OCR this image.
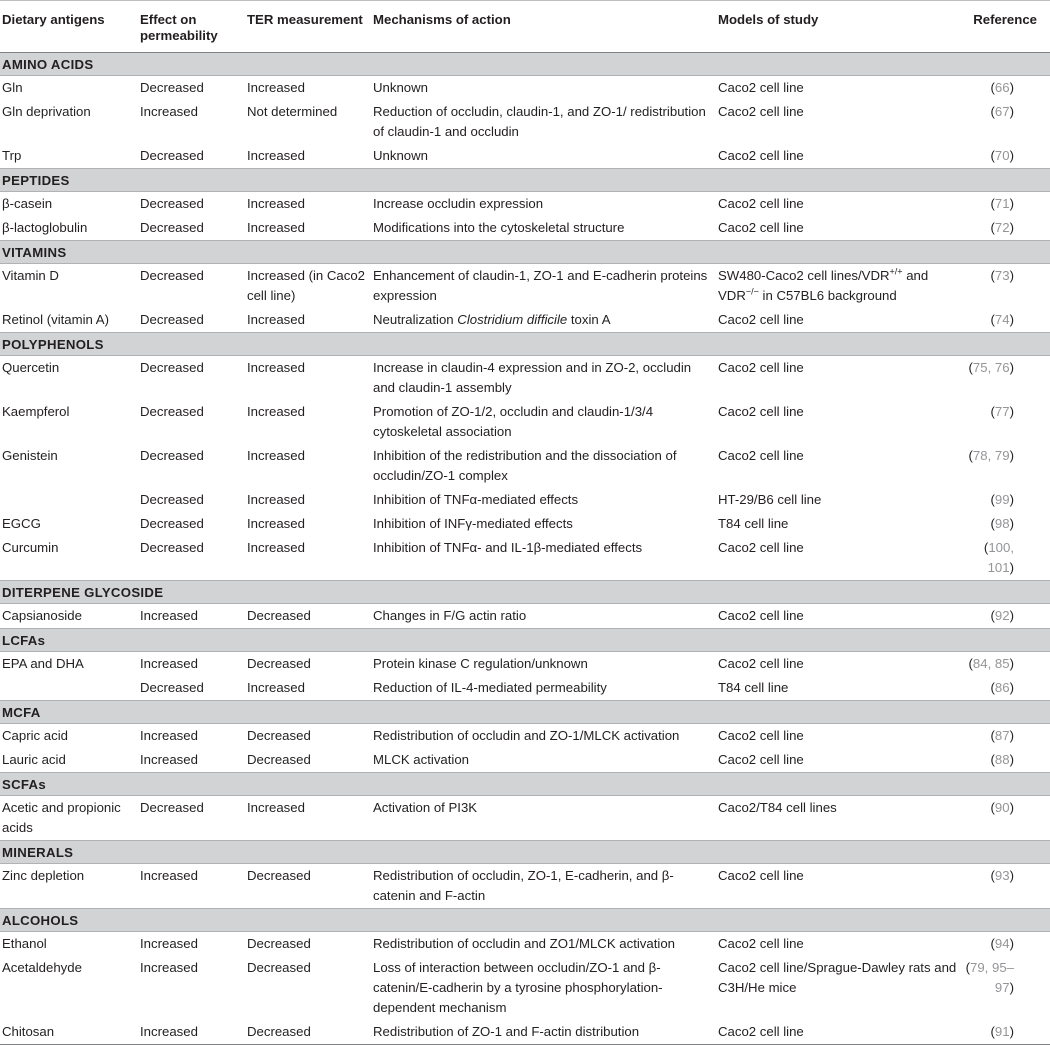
Dietary antigens	Effect on permeability	TER measurement	Mechanisms of action	Models of study	Reference
AMINO ACIDS					
Gln	Decreased	Increased	Unknown	Caco2 cell line	(66)
Gln deprivation	Increased	Not determined	Reduction of occludin, claudin-1, and ZO-1/ redistribution of claudin-1 and occludin	Caco2 cell line	(67)
Trp	Decreased	Increased	Unknown	Caco2 cell line	(70)
PEPTIDES					
β-casein	Decreased	Increased	Increase occludin expression	Caco2 cell line	(71)
β-lactoglobulin	Decreased	Increased	Modifications into the cytoskeletal structure	Caco2 cell line	(72)
VITAMINS					
Vitamin D	Decreased	Increased (in Caco2 cell line)	Enhancement of claudin-1, ZO-1 and E-cadherin proteins expression	SW480-Caco2 cell lines/VDR+/+ and VDR−/− in C57BL6 background	(73)
Retinol (vitamin A)	Decreased	Increased	Neutralization Clostridium difficile toxin A	Caco2 cell line	(74)
POLYPHENOLS					
Quercetin	Decreased	Increased	Increase in claudin-4 expression and in ZO-2, occludin and claudin-1 assembly	Caco2 cell line	(75, 76)
Kaempferol	Decreased	Increased	Promotion of ZO-1/2, occludin and claudin-1/3/4 cytoskeletal association	Caco2 cell line	(77)
Genistein	Decreased	Increased	Inhibition of the redistribution and the dissociation of occludin/ZO-1 complex	Caco2 cell line	(78, 79)
	Decreased	Increased	Inhibition of TNFα-mediated effects	HT-29/B6 cell line	(99)
EGCG	Decreased	Increased	Inhibition of INFγ-mediated effects	T84 cell line	(98)
Curcumin	Decreased	Increased	Inhibition of TNFα- and IL-1β-mediated effects	Caco2 cell line	(100, 101)
DITERPENE GLYCOSIDE					
Capsianoside	Increased	Decreased	Changes in F/G actin ratio	Caco2 cell line	(92)
LCFAs					
EPA and DHA	Increased	Decreased	Protein kinase C regulation/unknown	Caco2 cell line	(84, 85)
	Decreased	Increased	Reduction of IL-4-mediated permeability	T84 cell line	(86)
MCFA					
Capric acid	Increased	Decreased	Redistribution of occludin and ZO-1/MLCK activation	Caco2 cell line	(87)
Lauric acid	Increased	Decreased	MLCK activation	Caco2 cell line	(88)
SCFAs					
Acetic and propionic acids	Decreased	Increased	Activation of PI3K	Caco2/T84 cell lines	(90)
MINERALS					
Zinc depletion	Increased	Decreased	Redistribution of occludin, ZO-1, E-cadherin, and β-catenin and F-actin	Caco2 cell line	(93)
ALCOHOLS					
Ethanol	Increased	Decreased	Redistribution of occludin and ZO1/MLCK activation	Caco2 cell line	(94)
Acetaldehyde	Increased	Decreased	Loss of interaction between occludin/ZO-1 and β-catenin/E-cadherin by a tyrosine phosphorylation-dependent mechanism	Caco2 cell line/Sprague-Dawley rats and C3H/He mice	(79, 95–97)
Chitosan	Increased	Decreased	Redistribution of ZO-1 and F-actin distribution	Caco2 cell line	(91)
